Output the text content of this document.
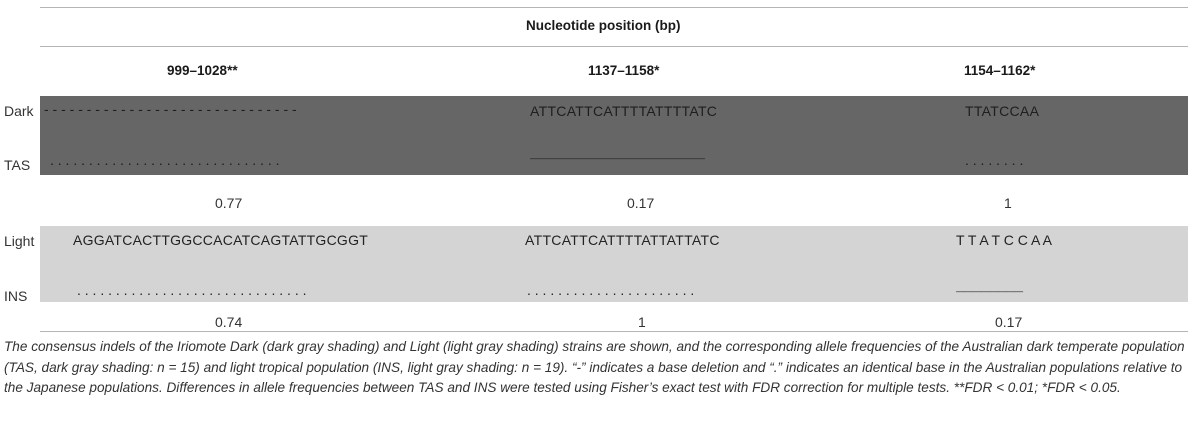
Nucleotide position (bp)
999–1028**	1137–1158*	1154–1162*
Dark - - - - - - - - - - - - - - - - - - - - - - - - - - - - - -	ATTCATTCATTTTATTTTATC	TTATCCAA
TAS . . . . . . . . . . . . . . . . . . . . . . . . . . . . . .	— — — — — — — — — — — — — — — — — — — — —	. . . . . . . .
0.77	0.17	1
Light	AGGATCACTTGGCCACATCAGTATTGCGGT	ATTCATTCATTTTATTATTATC	T T A T C C A A
INS	. . . . . . . . . . . . . . . . . . . . . . . . . . . . . .	. . . . . . . . . . . . . . . . . . . . . .	— — — — — — — —
0.74	1	0.17
The consensus indels of the Iriomote Dark (dark gray shading) and Light (light gray shading) strains are shown, and the corresponding allele frequencies of the Australian dark temperate population (TAS, dark gray shading: n = 15) and light tropical population (INS, light gray shading: n = 19). “-” indicates a base deletion and “.” indicates an identical base in the Australian populations relative to the Japanese populations. Differences in allele frequencies between TAS and INS were tested using Fisher’s exact test with FDR correction for multiple tests. **FDR < 0.01; *FDR < 0.05.
